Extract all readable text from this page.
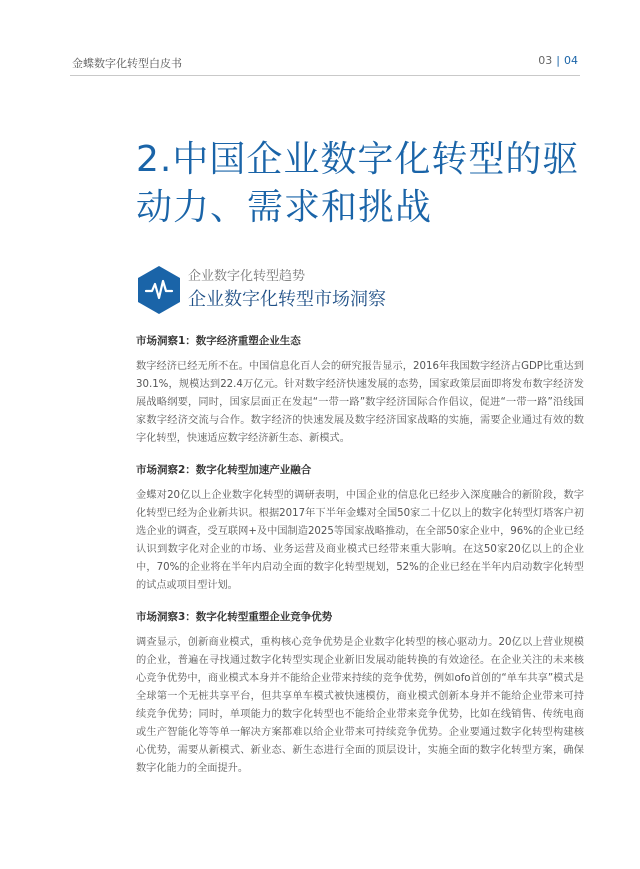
金蝶数字化转型白皮书	03 | 04
2.中国企业数字化转型的驱动力、需求和挑战
企业数字化转型趋势
企业数字化转型市场洞察

市场洞察1：数字经济重塑企业生态

数字经济已经无所不在。中国信息化百人会的研究报告显示，2016年我国数字经济占GDP比重达到30.1%，规模达到22.4万亿元。针对数字经济快速发展的态势，国家政策层面即将发布数字经济发展战略纲要，同时，国家层面正在发起“一带一路”数字经济国际合作倡议，促进“一带一路”沿线国家数字经济交流与合作。数字经济的快速发展及数字经济国家战略的实施，需要企业通过有效的数字化转型，快速适应数字经济新生态、新模式。

市场洞察2：数字化转型加速产业融合

金蝶对20亿以上企业数字化转型的调研表明，中国企业的信息化已经步入深度融合的新阶段，数字化转型已经为企业新共识。根据2017年下半年金蝶对全国50家二十亿以上的数字化转型灯塔客户初选企业的调查，受互联网+及中国制造2025等国家战略推动，在全部50家企业中，96%的企业已经认识到数字化对企业的市场、业务运营及商业模式已经带来重大影响。在这50家20亿以上的企业中，70%的企业将在半年内启动全面的数字化转型规划，52%的企业已经在半年内启动数字化转型的试点或项目型计划。

市场洞察3：数字化转型重塑企业竞争优势

调查显示，创新商业模式，重构核心竞争优势是企业数字化转型的核心驱动力。20亿以上营业规模的企业，普遍在寻找通过数字化转型实现企业新旧发展动能转换的有效途径。在企业关注的未来核心竞争优势中，商业模式本身并不能给企业带来持续的竞争优势，例如ofo首创的“单车共享”模式是全球第一个无桩共享平台，但共享单车模式被快速模仿，商业模式创新本身并不能给企业带来可持续竞争优势；同时，单项能力的数字化转型也不能给企业带来竞争优势，比如在线销售、传统电商或生产智能化等等单一解决方案都难以给企业带来可持续竞争优势。企业要通过数字化转型构建核心优势，需要从新模式、新业态、新生态进行全面的顶层设计，实施全面的数字化转型方案，确保数字化能力的全面提升。
